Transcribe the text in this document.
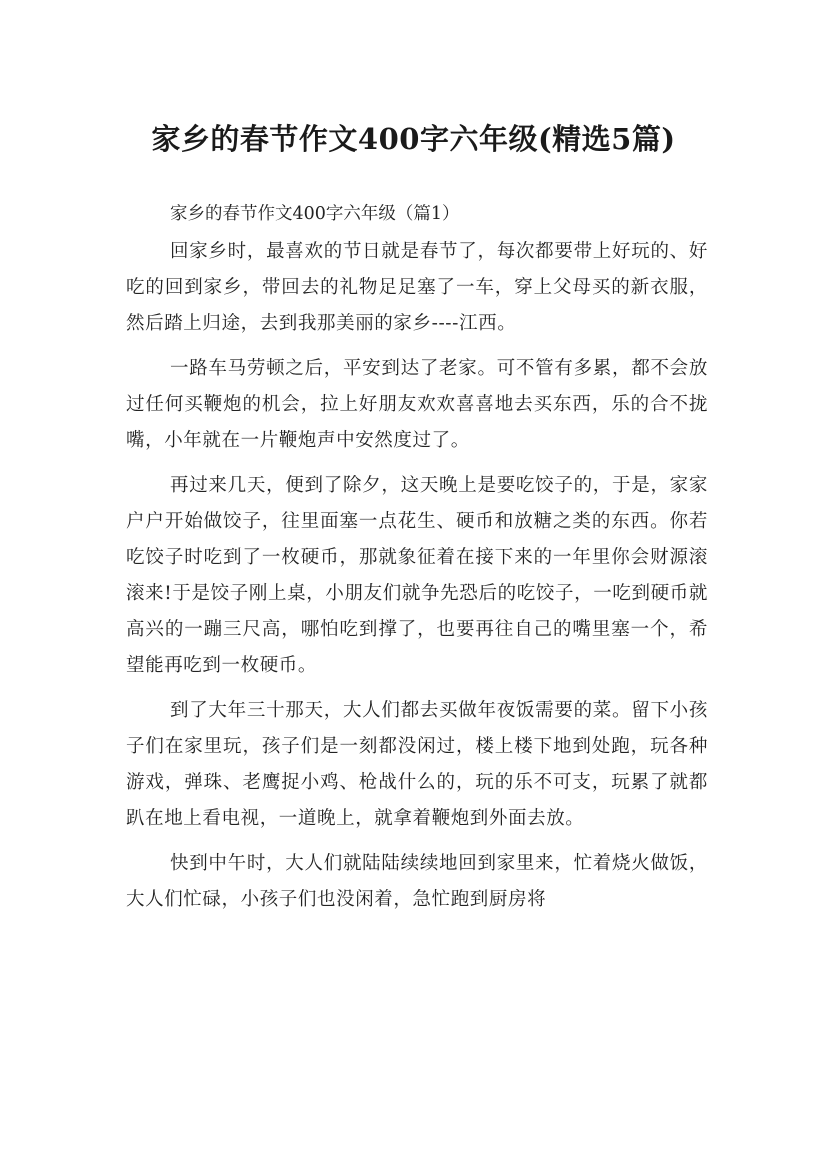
家乡的春节作文400字六年级(精选5篇)

家乡的春节作文400字六年级（篇1）

回家乡时，最喜欢的节日就是春节了，每次都要带上好玩的、好吃的回到家乡，带回去的礼物足足塞了一车，穿上父母买的新衣服，然后踏上归途，去到我那美丽的家乡----江西。

一路车马劳顿之后，平安到达了老家。可不管有多累，都不会放过任何买鞭炮的机会，拉上好朋友欢欢喜喜地去买东西，乐的合不拢嘴，小年就在一片鞭炮声中安然度过了。

再过来几天，便到了除夕，这天晚上是要吃饺子的，于是，家家户户开始做饺子，往里面塞一点花生、硬币和放糖之类的东西。你若吃饺子时吃到了一枚硬币，那就象征着在接下来的一年里你会财源滚滚来!于是饺子刚上桌，小朋友们就争先恐后的吃饺子，一吃到硬币就高兴的一蹦三尺高，哪怕吃到撑了，也要再往自己的嘴里塞一个，希望能再吃到一枚硬币。

到了大年三十那天，大人们都去买做年夜饭需要的菜。留下小孩子们在家里玩，孩子们是一刻都没闲过，楼上楼下地到处跑，玩各种游戏，弹珠、老鹰捉小鸡、枪战什么的，玩的乐不可支，玩累了就都趴在地上看电视，一道晚上，就拿着鞭炮到外面去放。

快到中午时，大人们就陆陆续续地回到家里来，忙着烧火做饭，大人们忙碌，小孩子们也没闲着，急忙跑到厨房将
